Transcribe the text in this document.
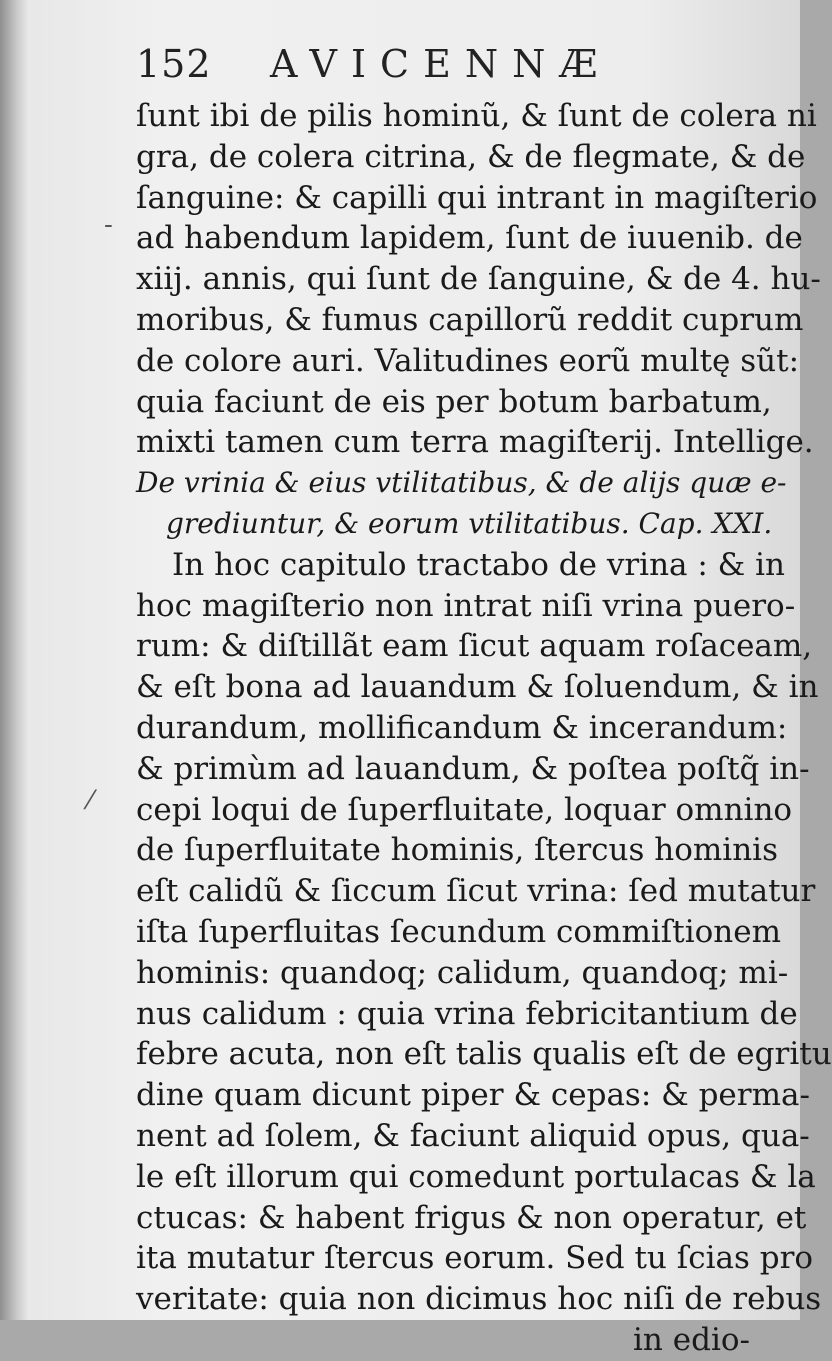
-
⁄
152 AVICENNÆ
ſunt ibi de pilis hominũ, & ſunt de colera ni
gra, de colera citrina, & de flegmate, & de
ſanguine: & capilli qui intrant in magiſterio
ad habendum lapidem, ſunt de iuuenib. de
xiij. annis, qui ſunt de ſanguine, & de 4. hu-
moribus, & fumus capillorũ reddit cuprum
de colore auri. Valitudines eorũ multę sũt:
quia faciunt de eis per botum barbatum,
mixti tamen cum terra magiſterij. Intellige.
De vrinia & eius vtilitatibus, & de alijs quæ e-
grediuntur, & eorum vtilitatibus. Cap. XXI.
In hoc capitulo tractabo de vrina : & in
hoc magiſterio non intrat niſi vrina puero-
rum: & diſtillãt eam ſicut aquam roſaceam,
& eſt bona ad lauandum & ſoluendum, & in
durandum, mollificandum & incerandum:
& primùm ad lauandum, & poſtea poſtq̃ in-
cepi loqui de ſuperfluitate, loquar omnino
de ſuperfluitate hominis, ſtercus hominis
eſt calidũ & ſiccum ſicut vrina: ſed mutatur
iſta ſuperfluitas ſecundum commiſtionem
hominis: quandoq; calidum, quandoq; mi-
nus calidum : quia vrina febricitantium de
febre acuta, non eſt talis qualis eſt de egritu
dine quam dicunt piper & cepas: & perma-
nent ad ſolem, & faciunt aliquid opus, qua-
le eſt illorum qui comedunt portulacas & la
ctucas: & habent frigus & non operatur, et
ita mutatur ſtercus eorum. Sed tu ſcias pro
veritate: quia non dicimus hoc niſi de rebus
in edio-
